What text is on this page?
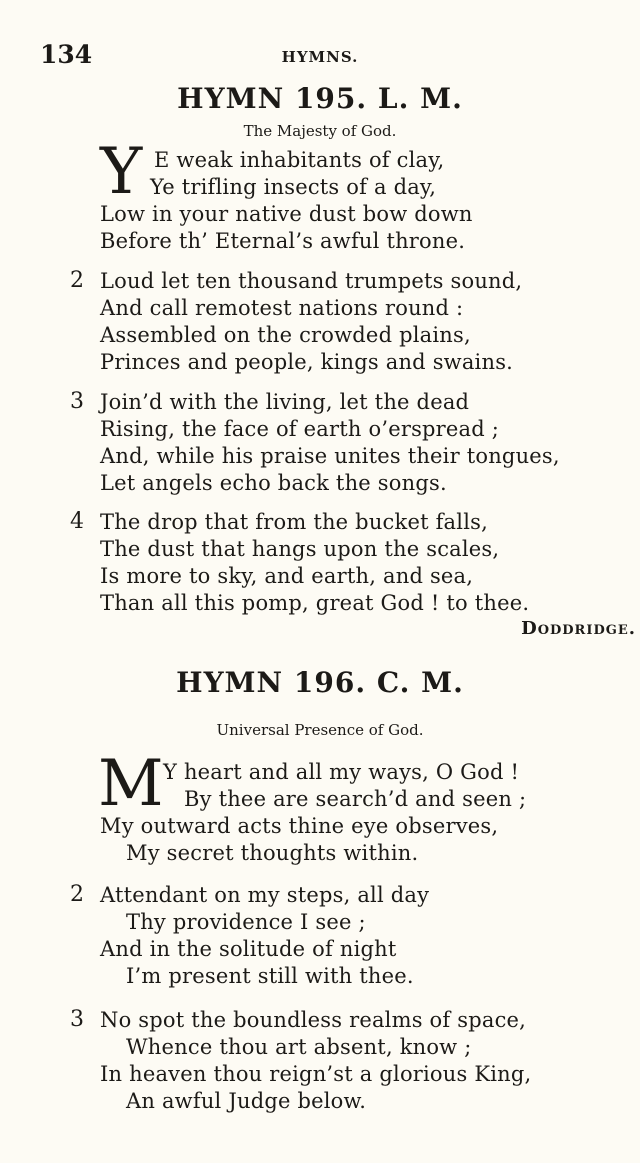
134	HYMNS.
HYMN 195. L. M.
The Majesty of God.
Y E weak inhabitants of clay,
Ye trifling insects of a day,
Low in your native dust bow down
Before th’ Eternal’s awful throne.
2 Loud let ten thousand trumpets sound,
And call remotest nations round :
Assembled on the crowded plains,
Princes and people, kings and swains.
3 Join’d with the living, let the dead
Rising, the face of earth o’erspread ;
And, while his praise unites their tongues,
Let angels echo back the songs.
4 The drop that from the bucket falls,
The dust that hangs upon the scales,
Is more to sky, and earth, and sea,
Than all this pomp, great God ! to thee.
Doddridge.
HYMN 196. C. M.
Universal Presence of God.
M Y heart and all my ways, O God !
By thee are search’d and seen ;
My outward acts thine eye observes,
My secret thoughts within.
2 Attendant on my steps, all day
Thy providence I see ;
And in the solitude of night
I’m present still with thee.
3 No spot the boundless realms of space,
Whence thou art absent, know ;
In heaven thou reign’st a glorious King,
An awful Judge below.
